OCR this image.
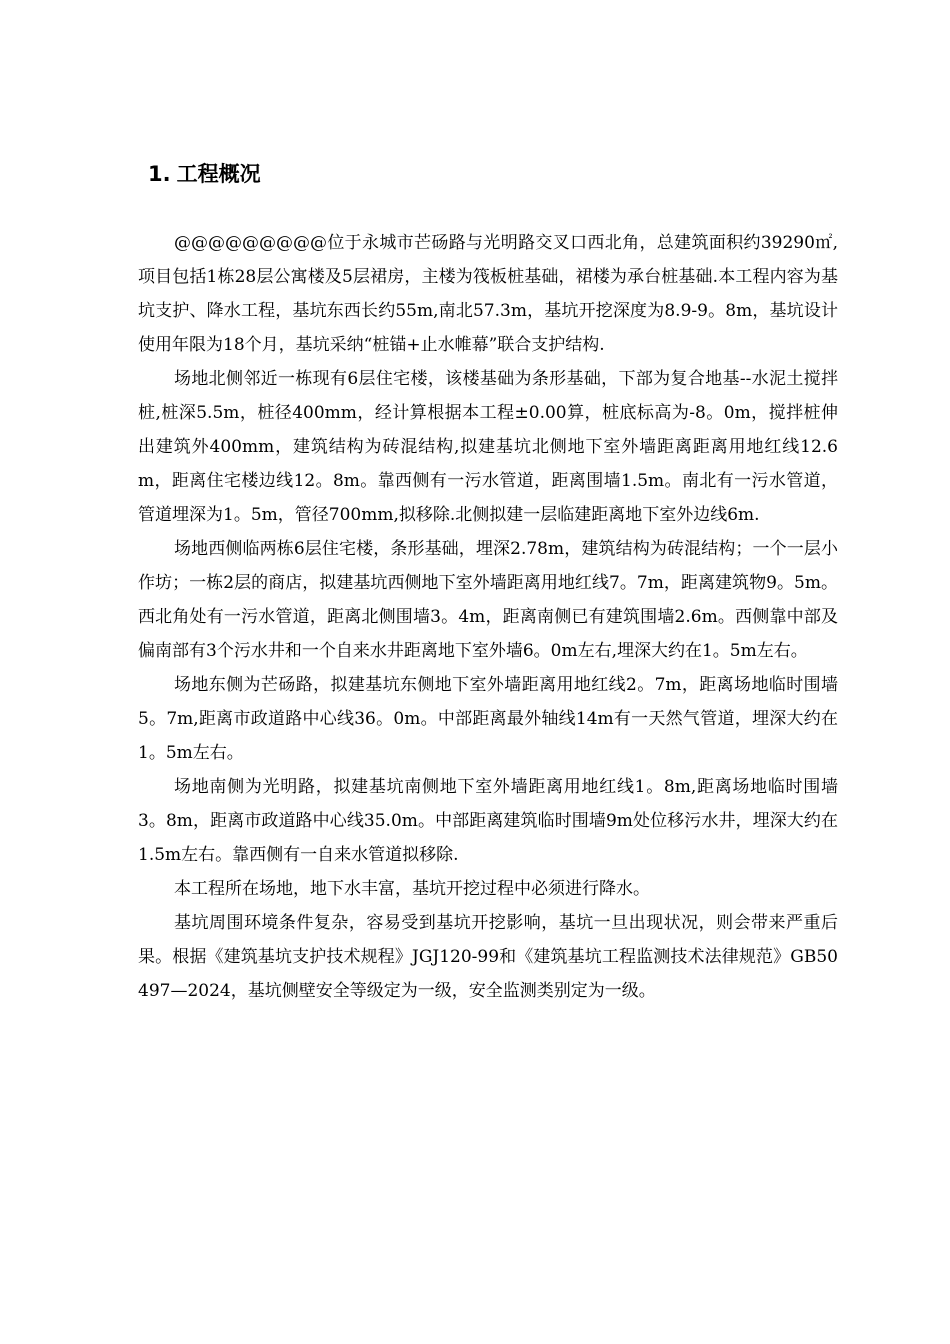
1. 工程概况

@@@@@@@@@位于永城市芒砀路与光明路交叉口西北角，总建筑面积约39290㎡,项目包括1栋28层公寓楼及5层裙房，主楼为筏板桩基础，裙楼为承台桩基础.本工程内容为基坑支护、降水工程，基坑东西长约55m,南北57.3m，基坑开挖深度为8.9-9。8m，基坑设计使用年限为18个月，基坑采纳“桩锚+止水帷幕”联合支护结构.

场地北侧邻近一栋现有6层住宅楼，该楼基础为条形基础，下部为复合地基--水泥土搅拌桩,桩深5.5m，桩径400mm，经计算根据本工程±0.00算，桩底标高为-8。0m，搅拌桩伸出建筑外400mm，建筑结构为砖混结构,拟建基坑北侧地下室外墙距离距离用地红线12.6m，距离住宅楼边线12。8m。靠西侧有一污水管道，距离围墙1.5m。南北有一污水管道，管道埋深为1。5m，管径700mm,拟移除.北侧拟建一层临建距离地下室外边线6m.

场地西侧临两栋6层住宅楼，条形基础，埋深2.78m，建筑结构为砖混结构；一个一层小作坊；一栋2层的商店，拟建基坑西侧地下室外墙距离用地红线7。7m，距离建筑物9。5m。西北角处有一污水管道，距离北侧围墙3。4m，距离南侧已有建筑围墙2.6m。西侧靠中部及偏南部有3个污水井和一个自来水井距离地下室外墙6。0m左右,埋深大约在1。5m左右。

场地东侧为芒砀路，拟建基坑东侧地下室外墙距离用地红线2。7m，距离场地临时围墙5。7m,距离市政道路中心线36。0m。中部距离最外轴线14m有一天然气管道，埋深大约在1。5m左右。

场地南侧为光明路，拟建基坑南侧地下室外墙距离用地红线1。8m,距离场地临时围墙3。8m，距离市政道路中心线35.0m。中部距离建筑临时围墙9m处位移污水井，埋深大约在1.5m左右。靠西侧有一自来水管道拟移除.

本工程所在场地，地下水丰富，基坑开挖过程中必须进行降水。

基坑周围环境条件复杂，容易受到基坑开挖影响，基坑一旦出现状况，则会带来严重后果。根据《建筑基坑支护技术规程》JGJ120-99和《建筑基坑工程监测技术法律规范》GB50497—2024，基坑侧壁安全等级定为一级，安全监测类别定为一级。
